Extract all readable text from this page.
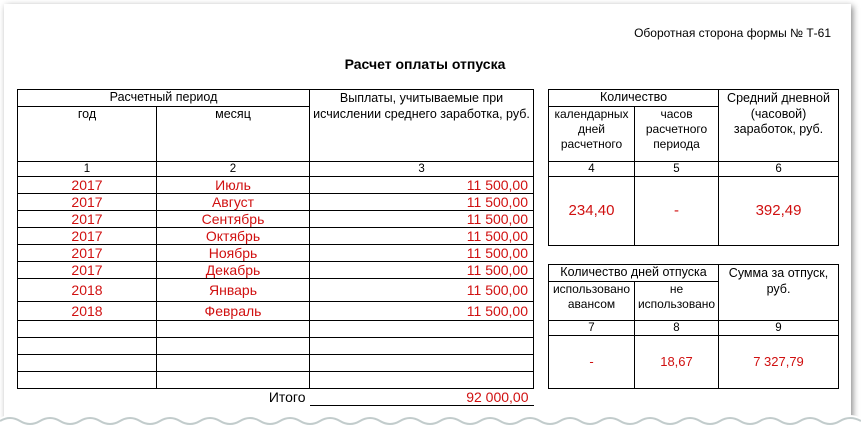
Оборотная сторона формы № Т-61
Расчет оплаты отпуска
Расчетный период		Выплаты, учитываемые при исчислении среднего заработка, руб.
год	месяц	
1	2	3
2017	Июль	11 500,00
2017	Август	11 500,00
2017	Сентябрь	11 500,00
2017	Октябрь	11 500,00
2017	Ноябрь	11 500,00
2017	Декабрь	11 500,00
2018	Январь	11 500,00
2018	Февраль	11 500,00

	Итого	92 000,00
Количество		Средний дневной (часовой) заработок, руб.
календарных дней расчетного	часов расчетного периода	
4	5	6
234,40	-	392,49
Количество дней отпуска		Сумма за отпуск, руб.
использовано авансом	не использовано	
7	8	9
-	18,67	7 327,79
